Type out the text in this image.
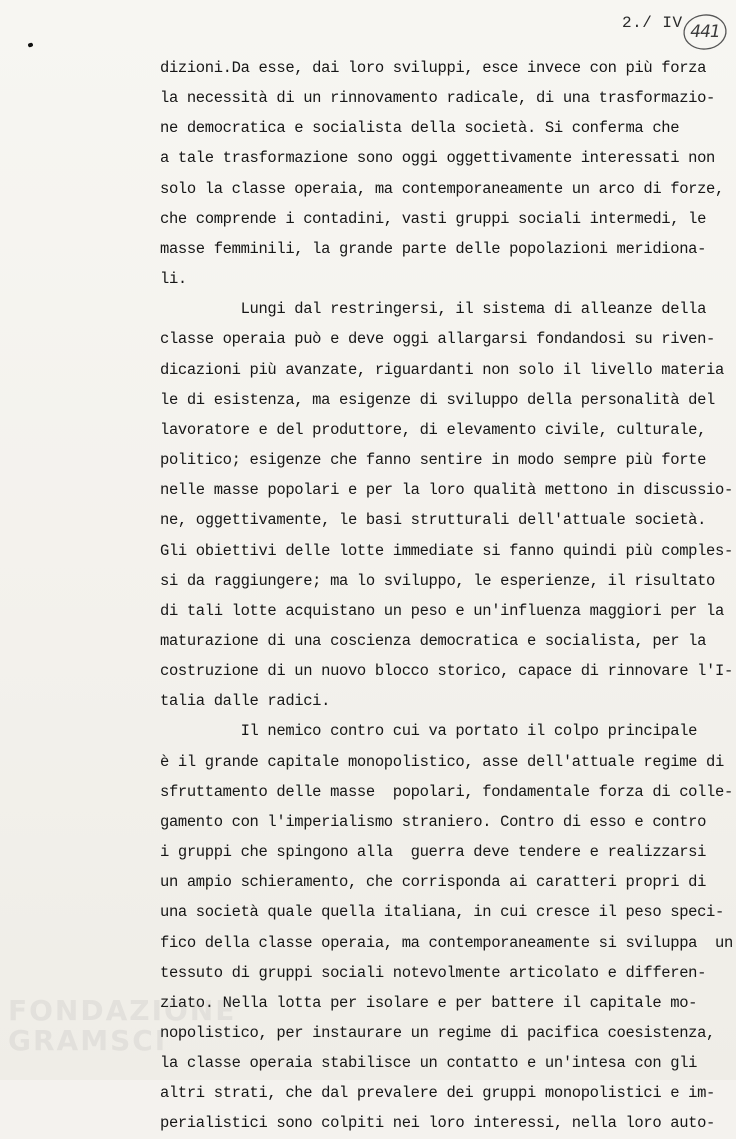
2./ IV 441
dizioni.Da esse, dai loro sviluppi, esce invece con più forza
la necessità di un rinnovamento radicale, di una trasformazio-
ne democratica e socialista della società. Si conferma che
a tale trasformazione sono oggi oggettivamente interessati non
solo la classe operaia, ma contemporaneamente un arco di forze,
che comprende i contadini, vasti gruppi sociali intermedi, le
masse femminili, la grande parte delle popolazioni meridiona-
li.
Lungi dal restringersi, il sistema di alleanze della
classe operaia può e deve oggi allargarsi fondandosi su riven-
dicazioni più avanzate, riguardanti non solo il livello materia
le di esistenza, ma esigenze di sviluppo della personalità del
lavoratore e del produttore, di elevamento civile, culturale,
politico; esigenze che fanno sentire in modo sempre più forte
nelle masse popolari e per la loro qualità mettono in discussio-
ne, oggettivamente, le basi strutturali dell'attuale società.
Gli obiettivi delle lotte immediate si fanno quindi più comples-
si da raggiungere; ma lo sviluppo, le esperienze, il risultato
di tali lotte acquistano un peso e un'influenza maggiori per la
maturazione di una coscienza democratica e socialista, per la
costruzione di un nuovo blocco storico, capace di rinnovare l'I-
talia dalle radici.
Il nemico contro cui va portato il colpo principale
è il grande capitale monopolistico, asse dell'attuale regime di
sfruttamento delle masse  popolari, fondamentale forza di colle-
gamento con l'imperialismo straniero. Contro di esso e contro
i gruppi che spingono alla  guerra deve tendere e realizzarsi
un ampio schieramento, che corrisponda ai caratteri propri di
una società quale quella italiana, in cui cresce il peso speci-
fico della classe operaia, ma contemporaneamente si sviluppa  un
tessuto di gruppi sociali notevolmente articolato e differen-
ziato. Nella lotta per isolare e per battere il capitale mo-
nopolistico, per instaurare un regime di pacifica coesistenza,
la classe operaia stabilisce un contatto e un'intesa con gli
altri strati, che dal prevalere dei gruppi monopolistici e im-
perialistici sono colpiti nei loro interessi, nella loro auto-
FONDAZIONE
GRAMSCI
